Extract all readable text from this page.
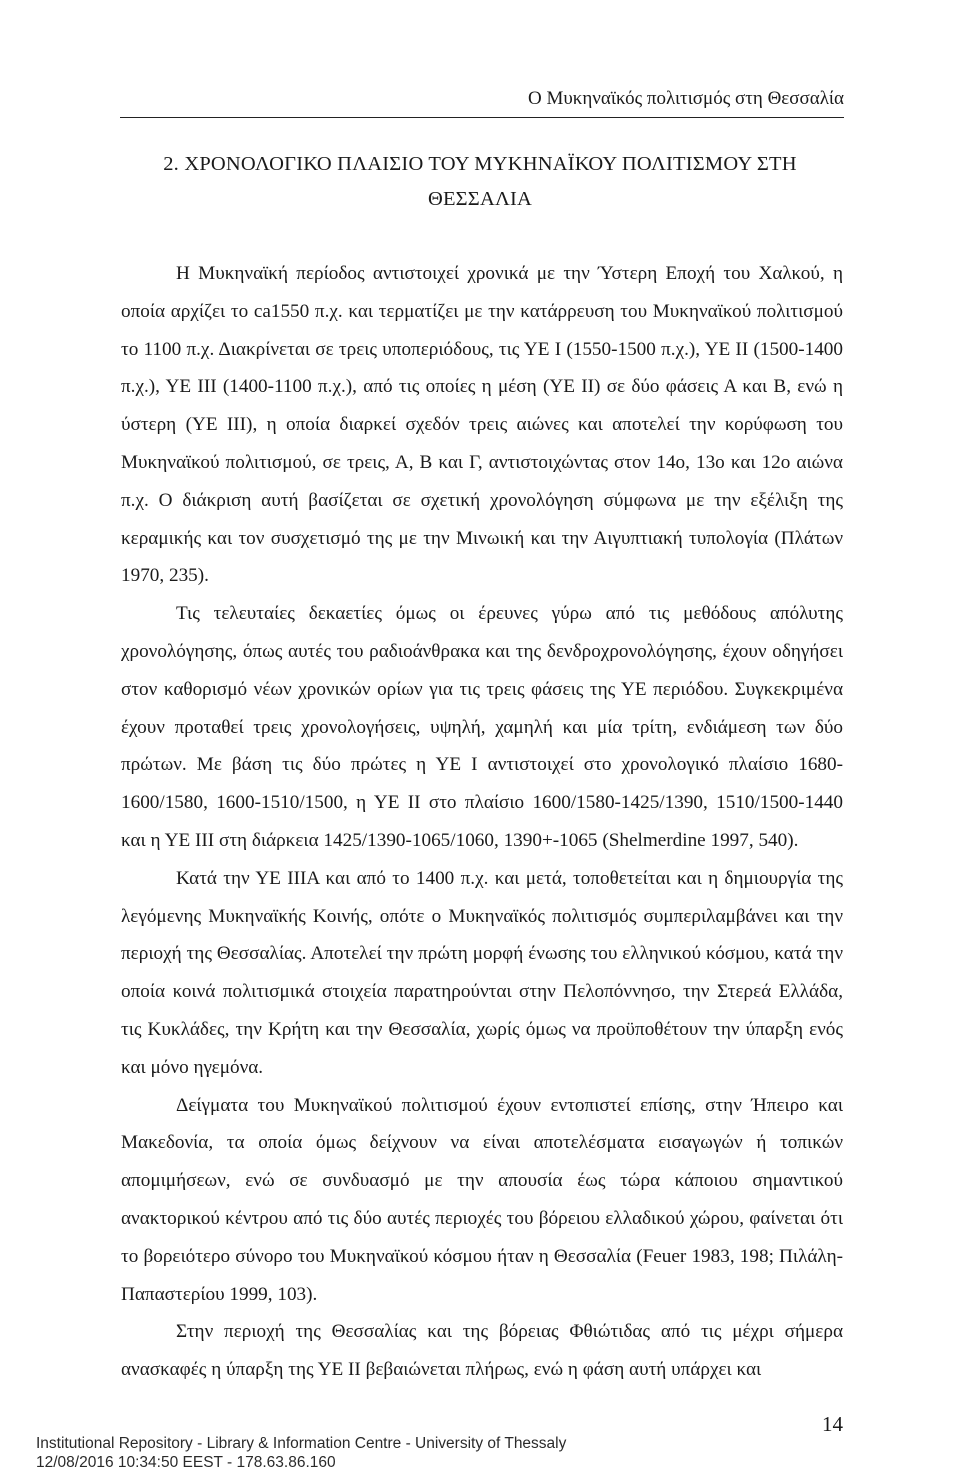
Ο Μυκηναϊκός πολιτισμός στη Θεσσαλία
2. ΧΡΟΝΟΛΟΓΙΚΟ ΠΛΑΙΣΙΟ ΤΟΥ ΜΥΚΗΝΑΪΚΟΥ ΠΟΛΙΤΙΣΜΟΥ ΣΤΗ
ΘΕΣΣΑΛΙΑ

Η Μυκηναϊκή περίοδος αντιστοιχεί χρονικά με την Ύστερη Εποχή του Χαλκού, η οποία αρχίζει το ca1550 π.χ. και τερματίζει με την κατάρρευση του Μυκηναϊκού πολιτισμού το 1100 π.χ. Διακρίνεται σε τρεις υποπεριόδους, τις ΥΕ Ι (1550-1500 π.χ.), ΥΕ ΙΙ (1500-1400 π.χ.), ΥΕ ΙΙΙ (1400-1100 π.χ.), από τις οποίες η μέση (ΥΕ ΙΙ) σε δύο φάσεις Α και Β, ενώ η ύστερη (ΥΕ ΙΙΙ), η οποία διαρκεί σχεδόν τρεις αιώνες και αποτελεί την κορύφωση του Μυκηναϊκού πολιτισμού, σε τρεις, Α, Β και Γ, αντιστοιχώντας στον 14ο, 13ο και 12ο αιώνα π.χ. Ο διάκριση αυτή βασίζεται σε σχετική χρονολόγηση σύμφωνα με την εξέλιξη της κεραμικής και τον συσχετισμό της με την Μινωική και την Αιγυπτιακή τυπολογία (Πλάτων 1970, 235).

Τις τελευταίες δεκαετίες όμως οι έρευνες γύρω από τις μεθόδους απόλυτης χρονολόγησης, όπως αυτές του ραδιοάνθρακα και της δενδροχρονολόγησης, έχουν οδηγήσει στον καθορισμό νέων χρονικών ορίων για τις τρεις φάσεις της ΥΕ περιόδου. Συγκεκριμένα έχουν προταθεί τρεις χρονολογήσεις, υψηλή, χαμηλή και μία τρίτη, ενδιάμεση των δύο πρώτων. Με βάση τις δύο πρώτες η ΥΕ Ι αντιστοιχεί στο χρονολογικό πλαίσιο 1680-1600/1580, 1600-1510/1500, η ΥΕ ΙΙ στο πλαίσιο 1600/1580-1425/1390, 1510/1500-1440 και η ΥΕ ΙΙΙ στη διάρκεια 1425/1390-1065/1060, 1390+-1065 (Shelmerdine 1997, 540).

Κατά την ΥΕ ΙΙΙΑ και από το 1400 π.χ. και μετά, τοποθετείται και η δημιουργία της λεγόμενης Μυκηναϊκής Κοινής, οπότε ο Μυκηναϊκός πολιτισμός συμπεριλαμβάνει και την περιοχή της Θεσσαλίας. Αποτελεί την πρώτη μορφή ένωσης του ελληνικού κόσμου, κατά την οποία κοινά πολιτισμικά στοιχεία παρατηρούνται στην Πελοπόννησο, την Στερεά Ελλάδα, τις Κυκλάδες, την Κρήτη και την Θεσσαλία, χωρίς όμως να προϋποθέτουν την ύπαρξη ενός και μόνο ηγεμόνα.

Δείγματα του Μυκηναϊκού πολιτισμού έχουν εντοπιστεί επίσης, στην Ήπειρο και Μακεδονία, τα οποία όμως δείχνουν να είναι αποτελέσματα εισαγωγών ή τοπικών απομιμήσεων, ενώ σε συνδυασμό με την απουσία έως τώρα κάποιου σημαντικού ανακτορικού κέντρου από τις δύο αυτές περιοχές του βόρειου ελλαδικού χώρου, φαίνεται ότι το βορειότερο σύνορο του Μυκηναϊκού κόσμου ήταν η Θεσσαλία (Feuer 1983, 198; Πιλάλη-Παπαστερίου 1999, 103).

Στην περιοχή της Θεσσαλίας και της βόρειας Φθιώτιδας από τις μέχρι σήμερα ανασκαφές η ύπαρξη της ΥΕ ΙΙ βεβαιώνεται πλήρως, ενώ η φάση αυτή υπάρχει και

14
Institutional Repository - Library & Information Centre - University of Thessaly
12/08/2016 10:34:50 EEST - 178.63.86.160
